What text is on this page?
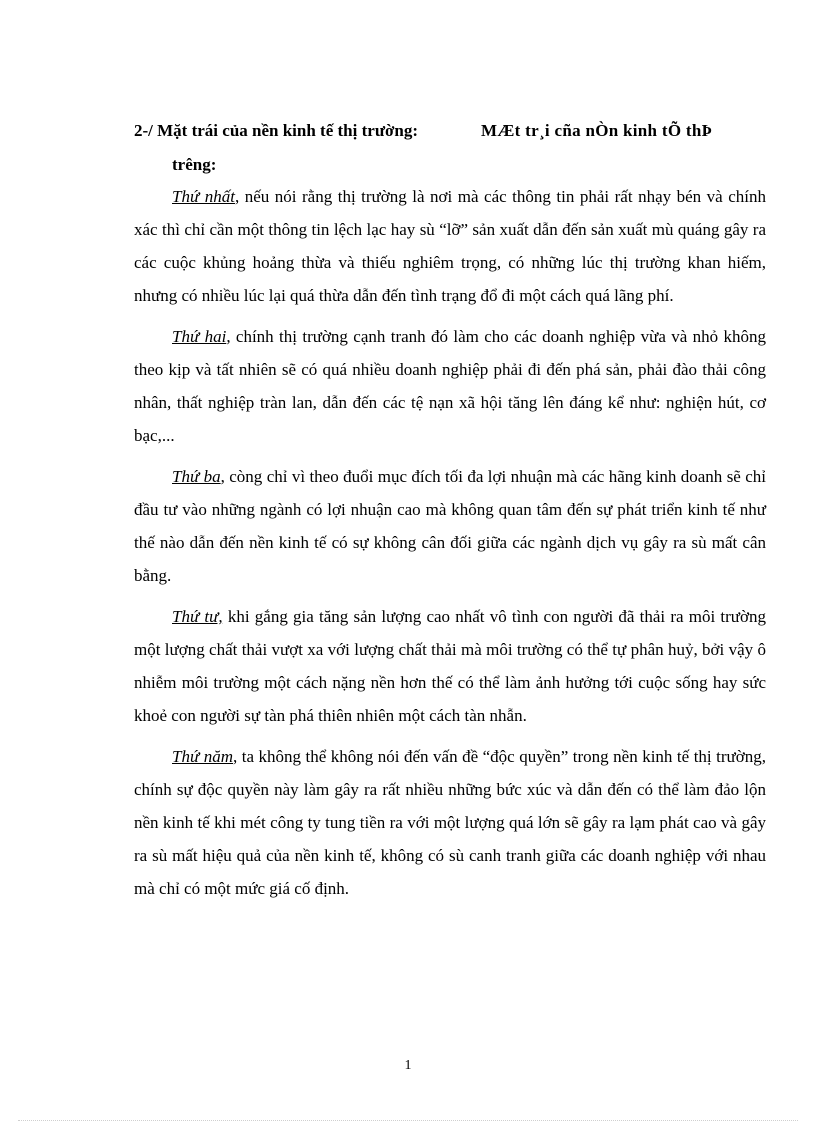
2-/ Mặt trái của nền kinh tế thị trường:	MÆt tr¸i cña nÒn kinh tÕ thÞ
trêng:

Thứ nhất, nếu nói rằng thị trường là nơi mà các thông tin phải rất nhạy bén và chính xác thì chỉ cần một thông tin lệch lạc hay sù “lỡ” sản xuất dẫn đến sản xuất mù quáng gây ra các cuộc khủng hoảng thừa và thiếu nghiêm trọng, có những lúc thị trường khan hiếm, nhưng có nhiều lúc lại quá thừa dẫn đến tình trạng đổ đi một cách quá lãng phí.

Thứ hai, chính thị trường cạnh tranh đó làm cho các doanh nghiệp vừa và nhỏ không theo kịp và tất nhiên sẽ có quá nhiều doanh nghiệp phải đi đến phá sản, phải đào thải công nhân, thất nghiệp tràn lan, dẫn đến các tệ nạn xã hội tăng lên đáng kể như: nghiện hút, cơ bạc,...

Thứ ba, còng chỉ vì theo đuổi mục đích tối đa lợi nhuận mà các hãng kinh doanh sẽ chỉ đầu tư vào những ngành có lợi nhuận cao mà không quan tâm đến sự phát triển kinh tế như thế nào dẫn đến nền kinh tế có sự không cân đối giữa các ngành dịch vụ gây ra sù mất cân bằng.

Thứ tư, khi gắng gia tăng sản lượng cao nhất vô tình con người đã thải ra môi trường một lượng chất thải vượt xa với lượng chất thải mà môi trường có thể tự phân huỷ, bởi vậy ô nhiễm môi trường một cách nặng nền hơn thế có thể làm ảnh hưởng tới cuộc sống hay sức khoẻ con người sự tàn phá thiên nhiên một cách tàn nhẫn.

Thứ năm, ta không thể không nói đến vấn đề “độc quyền” trong nền kinh tế thị trường, chính sự độc quyền này làm gây ra rất nhiều những bức xúc và dẫn đến có thể làm đảo lộn nền kinh tế khi mét công ty tung tiền ra với một lượng quá lớn sẽ gây ra lạm phát cao và gây ra sù mất hiệu quả của nền kinh tế, không có sù canh tranh giữa các doanh nghiệp với nhau mà chỉ có một mức giá cố định.

1
